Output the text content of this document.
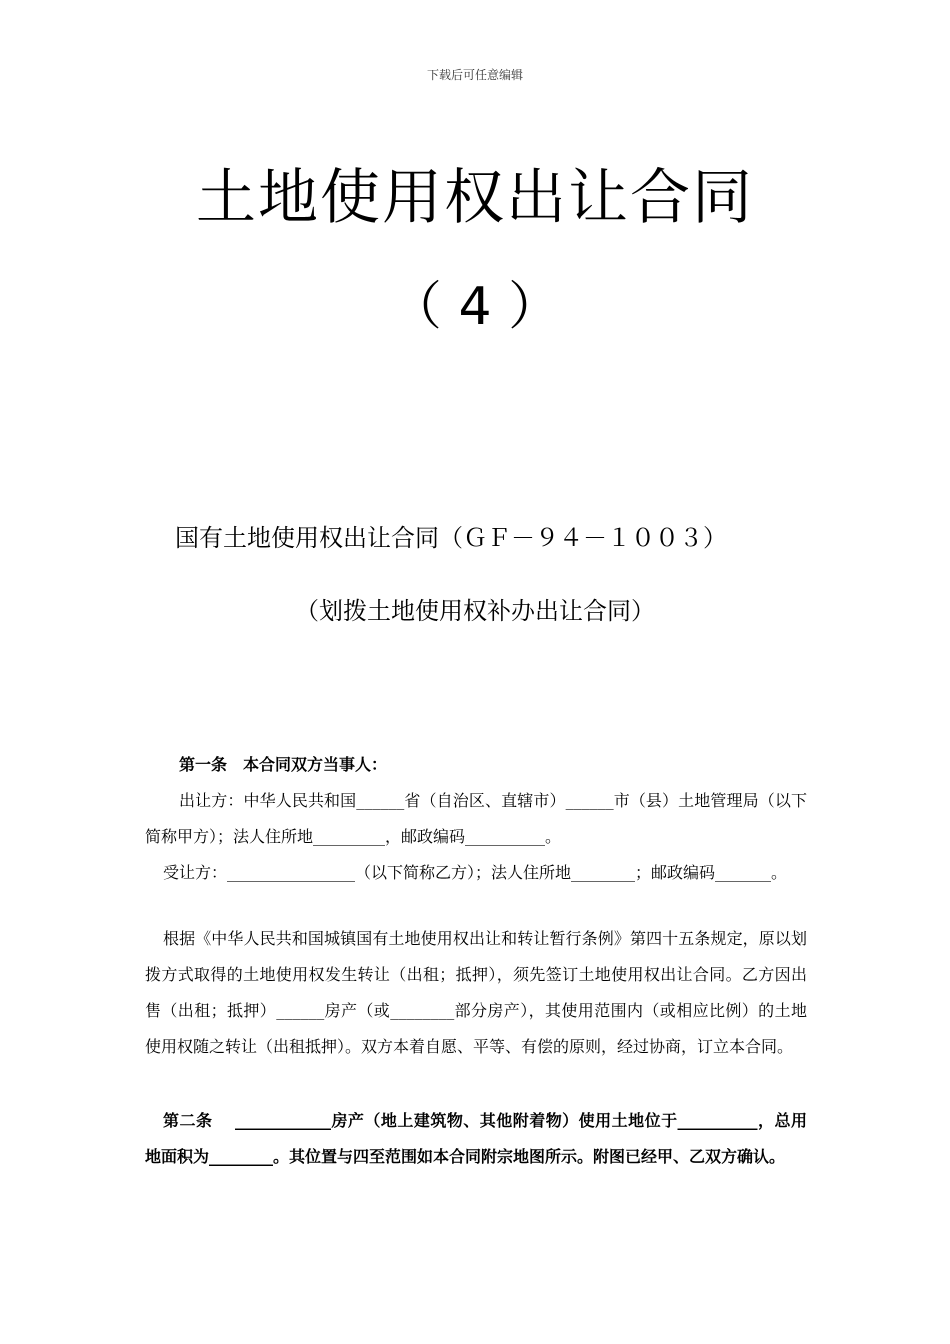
下载后可任意编辑
土地使用权出让合同
（ 4 ）
国有土地使用权出让合同（ＧＦ－９４－１００３）
（划拨土地使用权补办出让合同）
第一条　本合同双方当事人：
出让方：中华人民共和国______省（自治区、直辖市）______市（县）土地管理局（以下简称甲方）；法人住所地_________，邮政编码__________。
受让方：________________（以下简称乙方）；法人住所地________；邮政编码_______。
根据《中华人民共和国城镇国有土地使用权出让和转让暂行条例》第四十五条规定，原以划拨方式取得的土地使用权发生转让（出租；抵押），须先签订土地使用权出让合同。乙方因出售（出租；抵押）______房产（或________部分房产），其使用范围内（或相应比例）的土地使用权随之转让（出租抵押）。双方本着自愿、平等、有偿的原则，经过协商，订立本合同。
第二条　 ____________房产（地上建筑物、其他附着物）使用土地位于__________，总用地面积为________。其位置与四至范围如本合同附宗地图所示。附图已经甲、乙双方确认。
